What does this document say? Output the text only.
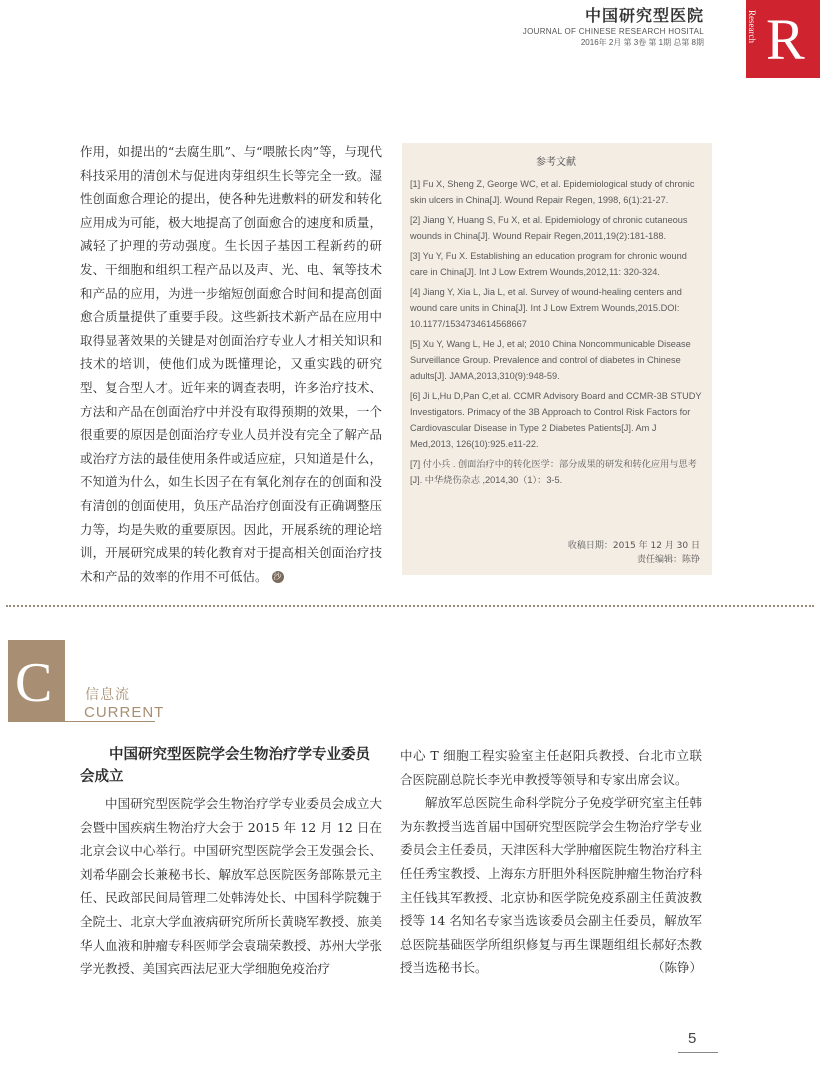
中国研究型医院
JOURNAL OF CHINESE RESEARCH HOSITAL
2016年 2月 第 3卷 第 1期 总第 8期	Research R

作用，如提出的“去腐生肌”、与“喂脓长肉”等，与现代科技采用的清创术与促进肉芽组织生长等完全一致。湿性创面愈合理论的提出，使各种先进敷料的研发和转化应用成为可能，极大地提高了创面愈合的速度和质量，减轻了护理的劳动强度。生长因子基因工程新药的研发、干细胞和组织工程产品以及声、光、电、氧等技术和产品的应用，为进一步缩短创面愈合时间和提高创面愈合质量提供了重要手段。这些新技术新产品在应用中取得显著效果的关键是对创面治疗专业人才相关知识和技术的培训，使他们成为既懂理论，又重实践的研究型、复合型人才。近年来的调查表明，许多治疗技术、方法和产品在创面治疗中并没有取得预期的效果，一个很重要的原因是创面治疗专业人员并没有完全了解产品或治疗方法的最佳使用条件或适应症，只知道是什么，不知道为什么，如生长因子在有氧化剂存在的创面和没有清创的创面使用，负压产品治疗创面没有正确调整压力等，均是失败的重要原因。因此，开展系统的理论培训，开展研究成果的转化教育对于提高相关创面治疗技术和产品的效率的作用不可低估。 沙

参考文献
[1] Fu X, Sheng Z, George WC, et al. Epidemiological study of chronic skin ulcers in China[J]. Wound Repair Regen, 1998, 6(1):21-27.
[2] Jiang Y, Huang S, Fu X, et al. Epidemiology of chronic cutaneous wounds in China[J]. Wound Repair Regen,2011,19(2):181-188.
[3] Yu Y, Fu X. Establishing an education program for chronic wound care in China[J]. Int J Low Extrem Wounds,2012,11: 320-324.
[4] Jiang Y, Xia L, Jia L, et al. Survey of wound-healing centers and wound care units in China[J]. Int J Low Extrem Wounds,2015.DOI: 10.1177/1534734614568667
[5] Xu Y, Wang L, He J, et al; 2010 China Noncommunicable Disease Surveillance Group. Prevalence and control of diabetes in Chinese adults[J]. JAMA,2013,310(9):948-59.
[6] Ji L,Hu D,Pan C,et al. CCMR Advisory Board and CCMR-3B STUDY Investigators. Primacy of the 3B Approach to Control Risk Factors for Cardiovascular Disease in Type 2 Diabetes Patients[J]. Am J Med,2013, 126(10):925.e11-22.
[7] 付小兵 . 创面治疗中的转化医学：部分成果的研发和转化应用与思考 [J]. 中华烧伤杂志 ,2014,30（1）：3-5.
收稿日期：2015 年 12 月 30 日
责任编辑：陈铮
C 信息流
CURRENT
中国研究型医院学会生物治疗学专业委员会成立

中国研究型医院学会生物治疗学专业委员会成立大会暨中国疾病生物治疗大会于 2015 年 12 月 12 日在北京会议中心举行。中国研究型医院学会王发强会长、刘希华副会长兼秘书长、解放军总医院医务部陈景元主任、民政部民间局管理二处韩涛处长、中国科学院魏于全院士、北京大学血液病研究所所长黄晓军教授、旅美华人血液和肿瘤专科医师学会袁瑞荣教授、苏州大学张学光教授、美国宾西法尼亚大学细胞免疫治疗

中心 T 细胞工程实验室主任赵阳兵教授、台北市立联合医院副总院长李光申教授等领导和专家出席会议。

解放军总医院生命科学院分子免疫学研究室主任韩为东教授当选首届中国研究型医院学会生物治疗学专业委员会主任委员，天津医科大学肿瘤医院生物治疗科主任任秀宝教授、上海东方肝胆外科医院肿瘤生物治疗科主任钱其军教授、北京协和医学院免疫系副主任黄波教授等 14 名知名专家当选该委员会副主任委员，解放军总医院基础医学所组织修复与再生课题组组长郝好杰教授当选秘书长。	（陈铮）

5
